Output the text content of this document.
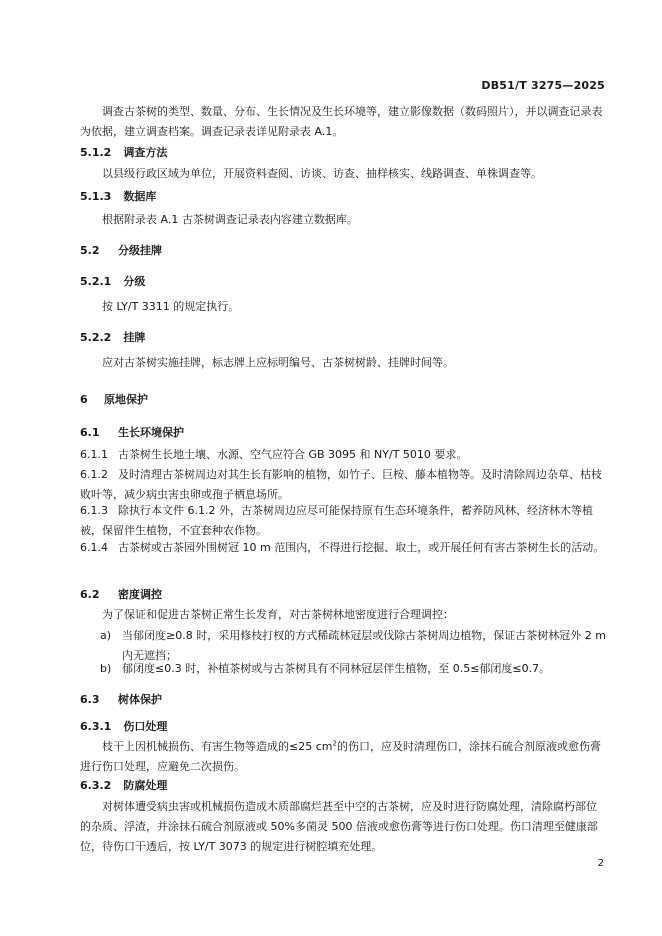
DB51/T 3275—2025
调查古茶树的类型、数量、分布、生长情况及生长环境等，建立影像数据（数码照片），并以调查记录表为依据，建立调查档案。调查记录表详见附录表 A.1。
5.1.2 调查方法
以县级行政区域为单位，开展资料查阅、访谈、访查、抽样核实、线路调查、单株调查等。
5.1.3 数据库
根据附录表 A.1 古茶树调查记录表内容建立数据库。
5.2 分级挂牌
5.2.1 分级
按 LY/T 3311 的规定执行。
5.2.2 挂牌
应对古茶树实施挂牌，标志牌上应标明编号、古茶树树龄、挂牌时间等。
6 原地保护
6.1 生长环境保护
6.1.1 古茶树生长地土壤、水源、空气应符合 GB 3095 和 NY/T 5010 要求。
6.1.2 及时清理古茶树周边对其生长有影响的植物，如竹子、巨桉、藤本植物等。及时清除周边杂草、枯枝败叶等，减少病虫害虫卵或孢子栖息场所。
6.1.3 除执行本文件 6.1.2 外，古茶树周边应尽可能保持原有生态环境条件，蓄养防风林、经济林木等植被，保留伴生植物，不宜套种农作物。
6.1.4 古茶树或古茶园外围树冠 10 m 范围内，不得进行挖掘、取土，或开展任何有害古茶树生长的活动。
6.2 密度调控
为了保证和促进古茶树正常生长发育，对古茶树林地密度进行合理调控：
a) 当郁闭度≥0.8 时，采用修枝打杈的方式稀疏林冠层或伐除古茶树周边植物，保证古茶树林冠外 2 m 内无遮挡；
b) 郁闭度≤0.3 时，补植茶树或与古茶树具有不同林冠层伴生植物，至 0.5≤郁闭度≤0.7。
6.3 树体保护
6.3.1 伤口处理
枝干上因机械损伤、有害生物等造成的≤25 $cm^2$的伤口，应及时清理伤口，涂抹石硫合剂原液或愈伤膏进行伤口处理，应避免二次损伤。
6.3.2 防腐处理
对树体遭受病虫害或机械损伤造成木质部腐烂甚至中空的古茶树，应及时进行防腐处理，清除腐朽部位的杂质、浮渣，并涂抹石硫合剂原液或 50%多菌灵 500 倍液或愈伤膏等进行伤口处理。伤口清理至健康部位，待伤口干透后，按 LY/T 3073 的规定进行树腔填充处理。
2
